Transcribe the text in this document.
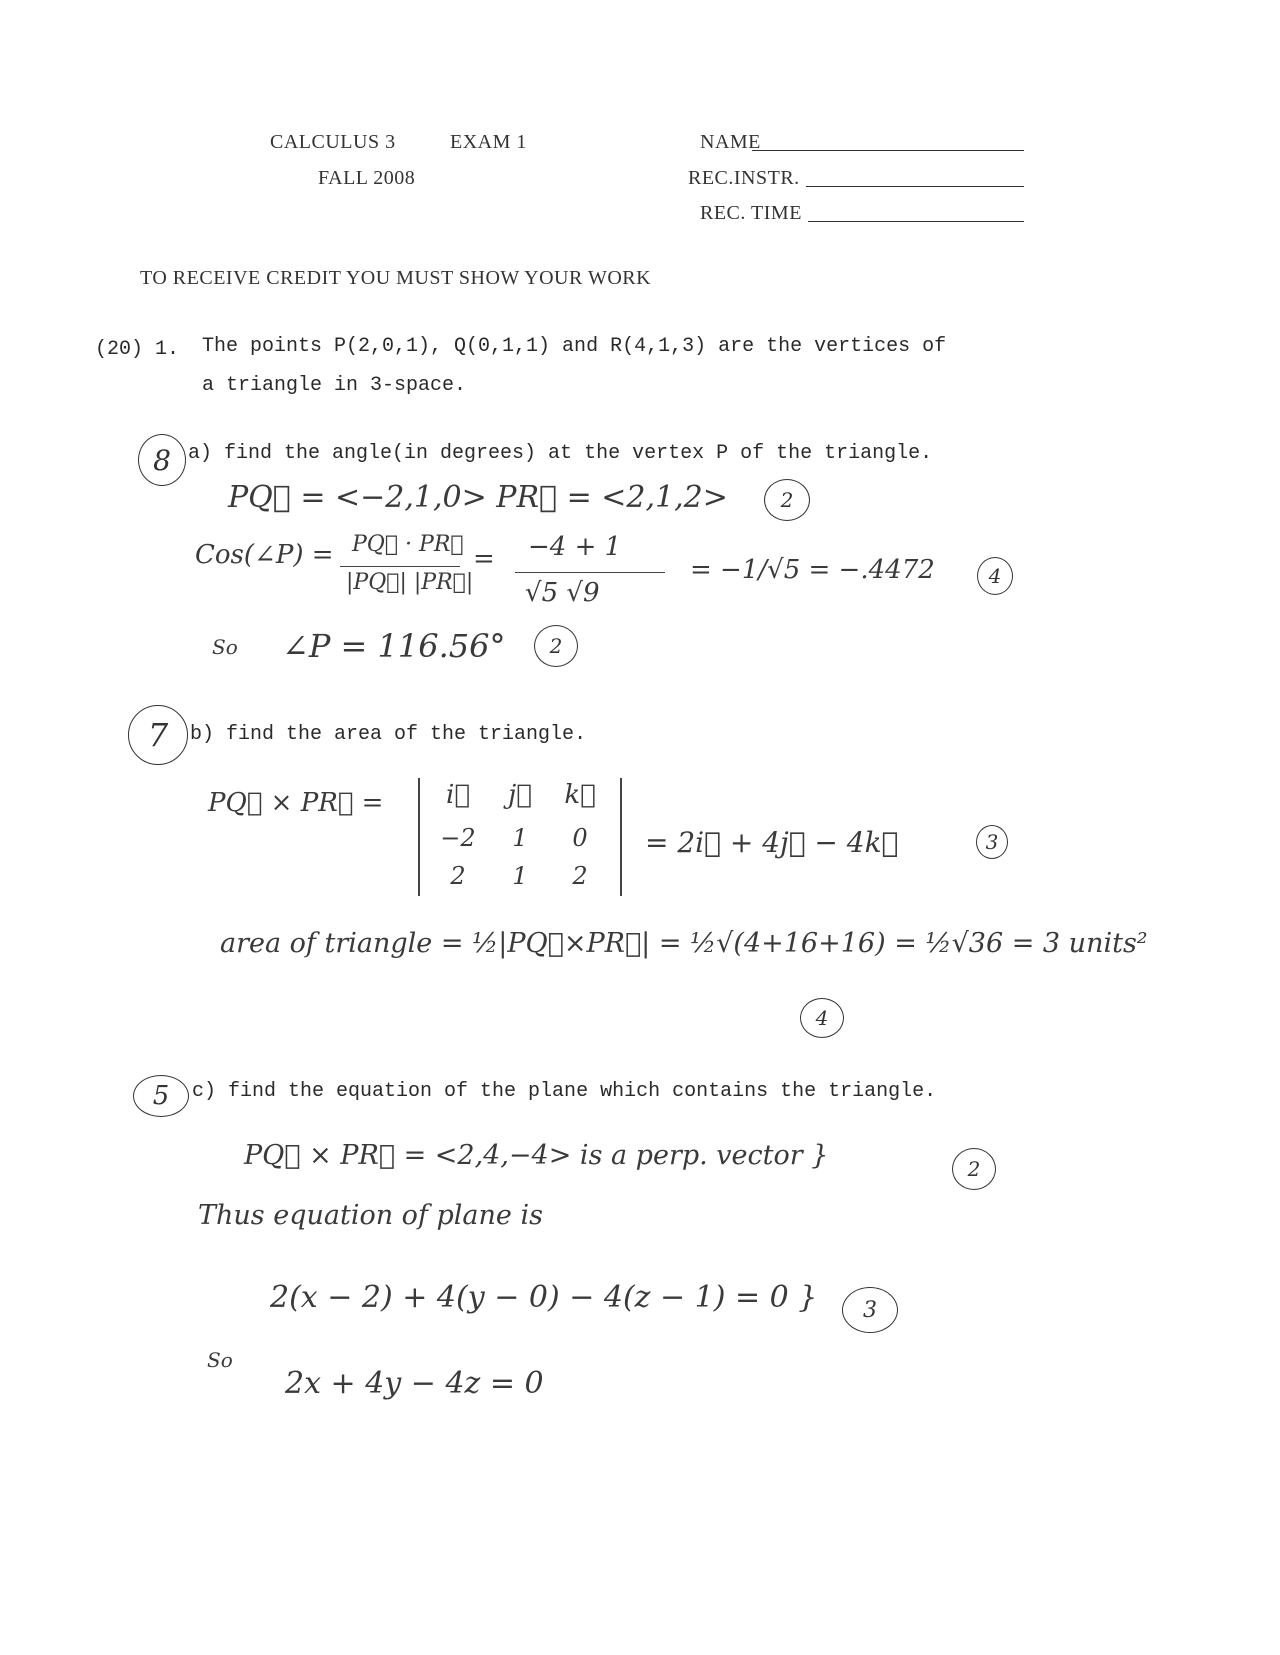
CALCULUS 3	EXAM 1
FALL 2008
NAME
REC.INSTR.
REC. TIME
TO RECEIVE CREDIT YOU MUST SHOW YOUR WORK
(20) 1. The points P(2,0,1), Q(0,1,1) and R(4,1,3) are the vertices of
a triangle in 3-space.
8 a) find the angle(in degrees) at the vertex P of the triangle.
PQ⃗ = <−2,1,0> PR⃗ = <2,1,2>	2
Cos(∠P) = PQ⃗ · PR⃗
|PQ⃗| |PR⃗|
= −4 + 1
√5 √9
= −1/√5 = −.4472	4
So ∠P = 116.56°	2
7	b) find the area of the triangle.
PQ⃗ × PR⃗ =	i⃗	j⃗	k⃗
−2	1	0
2	1	2
= 2i⃗ + 4j⃗ − 4k⃗	3
area of triangle = ½|PQ⃗×PR⃗| = ½√(4+16+16) = ½√36 = 3 units²
4
5	c) find the equation of the plane which contains the triangle.
PQ⃗ × PR⃗ = <2,4,−4> is a perp. vector }	2
Thus equation of plane is
2(x − 2) + 4(y − 0) − 4(z − 1) = 0 }	3
So
2x + 4y − 4z = 0
